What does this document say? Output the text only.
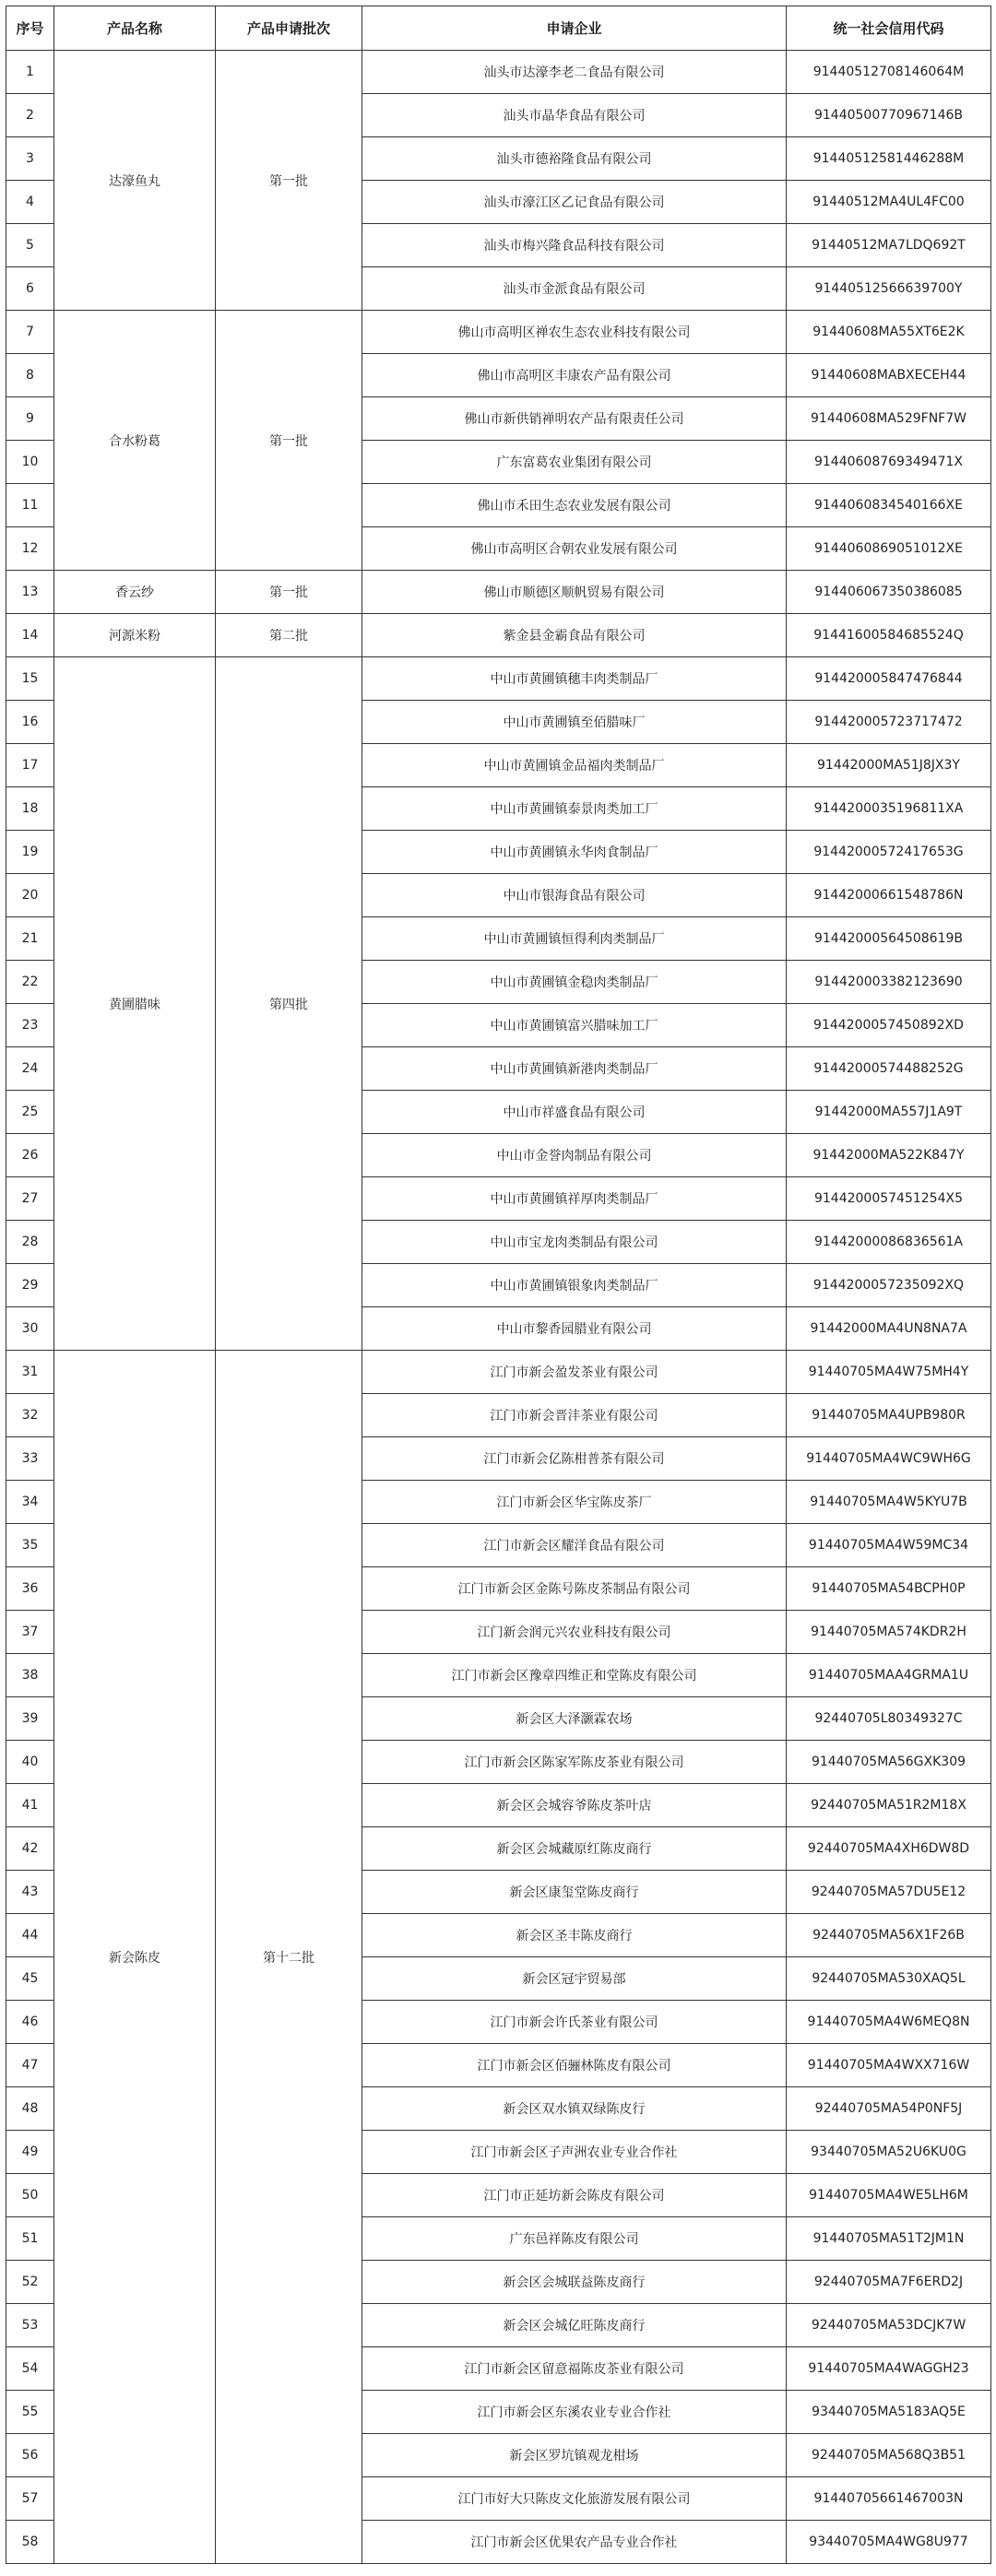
序号	产品名称	产品申请批次	申请企业	统一社会信用代码
1	达濠鱼丸	第一批	汕头市达濠李老二食品有限公司	91440512708146064M
2			汕头市晶华食品有限公司	91440500770967146B
3			汕头市德裕隆食品有限公司	91440512581446288M
4			汕头市濠江区乙记食品有限公司	91440512MA4UL4FC00
5			汕头市梅兴隆食品科技有限公司	91440512MA7LDQ692T
6			汕头市金派食品有限公司	91440512566639700Y
7	合水粉葛	第一批	佛山市高明区禅农生态农业科技有限公司	91440608MA55XT6E2K
8			佛山市高明区丰康农产品有限公司	91440608MABXECEH44
9			佛山市新供销禅明农产品有限责任公司	91440608MA529FNF7W
10			广东富葛农业集团有限公司	91440608769349471X
11			佛山市禾田生态农业发展有限公司	9144060834540166XE
12			佛山市高明区合朝农业发展有限公司	9144060869051012XE
13	香云纱	第一批	佛山市顺德区顺帆贸易有限公司	914406067350386085
14	河源米粉	第二批	紫金县金霸食品有限公司	91441600584685524Q
15	黄圃腊味	第四批	中山市黄圃镇穗丰肉类制品厂	914420005847476844
16			中山市黄圃镇至佰腊味厂	914420005723717472
17			中山市黄圃镇金品福肉类制品厂	91442000MA51J8JX3Y
18			中山市黄圃镇泰景肉类加工厂	9144200035196811XA
19			中山市黄圃镇永华肉食制品厂	91442000572417653G
20			中山市银海食品有限公司	91442000661548786N
21			中山市黄圃镇恒得利肉类制品厂	91442000564508619B
22			中山市黄圃镇金稳肉类制品厂	914420003382123690
23			中山市黄圃镇富兴腊味加工厂	9144200057450892XD
24			中山市黄圃镇新港肉类制品厂	91442000574488252G
25			中山市祥盛食品有限公司	91442000MA557J1A9T
26			中山市金誉肉制品有限公司	91442000MA522K847Y
27			中山市黄圃镇祥厚肉类制品厂	9144200057451254X5
28			中山市宝龙肉类制品有限公司	91442000086836561A
29			中山市黄圃镇银象肉类制品厂	9144200057235092XQ
30			中山市黎香园腊业有限公司	91442000MA4UN8NA7A
31	新会陈皮	第十二批	江门市新会盈发茶业有限公司	91440705MA4W75MH4Y
32			江门市新会晋沣茶业有限公司	91440705MA4UPB980R
33			江门市新会亿陈柑普茶有限公司	91440705MA4WC9WH6G
34			江门市新会区华宝陈皮茶厂	91440705MA4W5KYU7B
35			江门市新会区耀洋食品有限公司	91440705MA4W59MC34
36			江门市新会区金陈号陈皮茶制品有限公司	91440705MA54BCPH0P
37			江门新会润元兴农业科技有限公司	91440705MA574KDR2H
38			江门市新会区豫章四维正和堂陈皮有限公司	91440705MAA4GRMA1U
39			新会区大泽灏霖农场	92440705L80349327C
40			江门市新会区陈家军陈皮茶业有限公司	91440705MA56GXK309
41			新会区会城容爷陈皮茶叶店	92440705MA51R2M18X
42			新会区会城藏原红陈皮商行	92440705MA4XH6DW8D
43			新会区康玺堂陈皮商行	92440705MA57DU5E12
44			新会区圣丰陈皮商行	92440705MA56X1F26B
45			新会区冠宇贸易部	92440705MA530XAQ5L
46			江门市新会许氏茶业有限公司	91440705MA4W6MEQ8N
47			江门市新会区佰骊林陈皮有限公司	91440705MA4WXX716W
48			新会区双水镇双绿陈皮行	92440705MA54P0NF5J
49			江门市新会区子声洲农业专业合作社	93440705MA52U6KU0G
50			江门市正延坊新会陈皮有限公司	91440705MA4WE5LH6M
51			广东邑祥陈皮有限公司	91440705MA51T2JM1N
52			新会区会城联益陈皮商行	92440705MA7F6ERD2J
53			新会区会城亿旺陈皮商行	92440705MA53DCJK7W
54			江门市新会区留意福陈皮茶业有限公司	91440705MA4WAGGH23
55			江门市新会区东溪农业专业合作社	93440705MA5183AQ5E
56			新会区罗坑镇观龙柑场	92440705MA568Q3B51
57			江门市好大只陈皮文化旅游发展有限公司	91440705661467003N
58			江门市新会区优果农产品专业合作社	93440705MA4WG8U977
